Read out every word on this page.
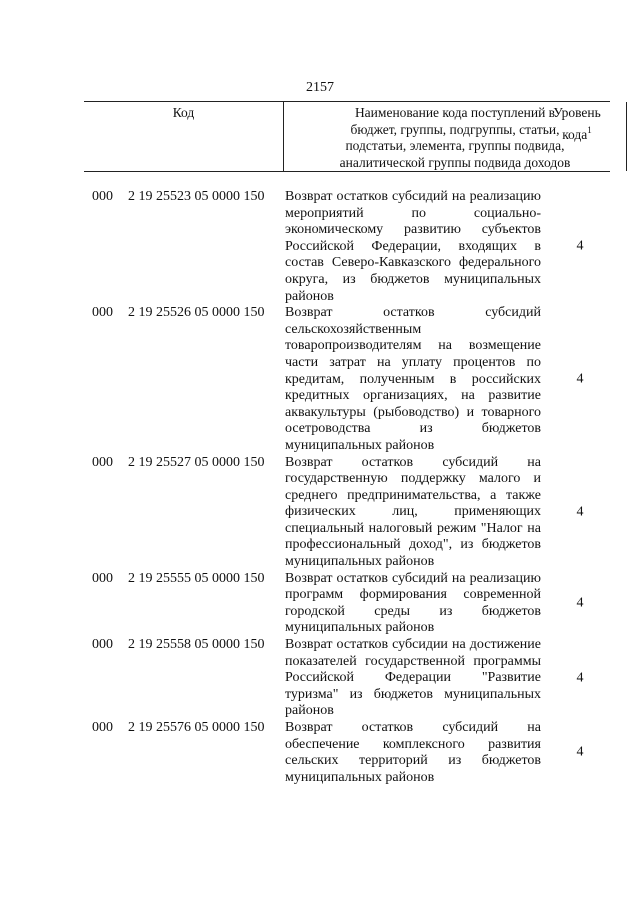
2157
Код	Наименование кода поступлений в
бюджет, группы, подгруппы, статьи,
подстатьи, элемента, группы подвида,
аналитической группы подвида доходов
Уровень
кода$^1$
000 2 19 25523 05 0000 150 Возврат остатков субсидий на реализацию мероприятий по социально-экономическому развитию субъектов Российской Федерации, входящих в состав Северо-Кавказского федерального округа, из бюджетов муниципальных районов
4
000 2 19 25526 05 0000 150 Возврат остатков субсидий сельскохозяйственным товаропроизводителям на возмещение части затрат на уплату процентов по кредитам, полученным в российских кредитных организациях, на развитие аквакультуры (рыбоводство) и товарного осетроводства из бюджетов муниципальных районов
4
000 2 19 25527 05 0000 150 Возврат остатков субсидий на государственную поддержку малого и среднего предпринимательства, а также физических лиц, применяющих специальный налоговый режим "Налог на профессиональный доход", из бюджетов муниципальных районов
4
000 2 19 25555 05 0000 150 Возврат остатков субсидий на реализацию программ формирования современной городской среды из бюджетов муниципальных районов
4
000 2 19 25558 05 0000 150 Возврат остатков субсидии на достижение показателей государственной программы Российской Федерации "Развитие туризма" из бюджетов муниципальных районов
4
000 2 19 25576 05 0000 150 Возврат остатков субсидий на обеспечение комплексного развития сельских территорий из бюджетов муниципальных районов
4
